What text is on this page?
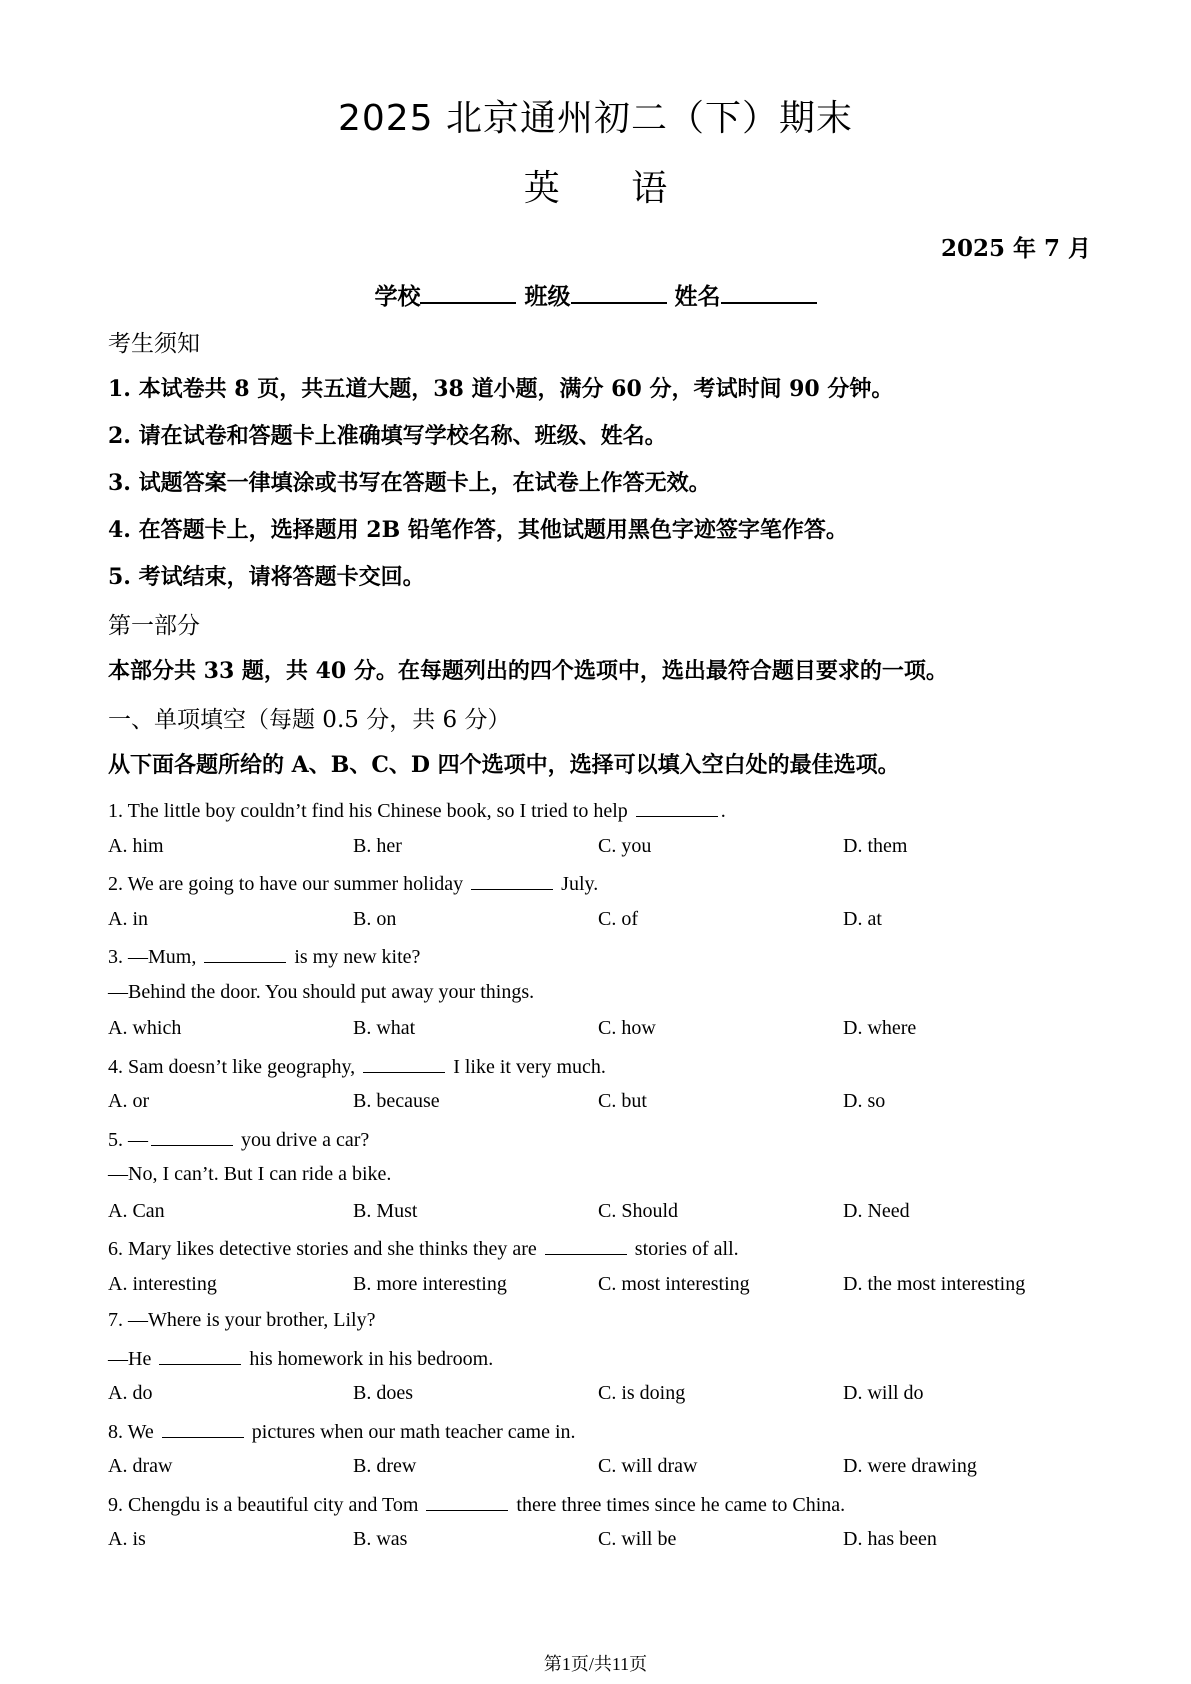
2025 北京通州初二（下）期末
英 语
2025 年 7 月
学校	班级	姓名
考生须知
1. 本试卷共 8 页，共五道大题，38 道小题，满分 60 分，考试时间 90 分钟。
2. 请在试卷和答题卡上准确填写学校名称、班级、姓名。
3. 试题答案一律填涂或书写在答题卡上，在试卷上作答无效。
4. 在答题卡上，选择题用 2B 铅笔作答，其他试题用黑色字迹签字笔作答。
5. 考试结束，请将答题卡交回。
第一部分
本部分共 33 题，共 40 分。在每题列出的四个选项中，选出最符合题目要求的一项。
一、单项填空（每题 0.5 分，共 6 分）
从下面各题所给的 A、B、C、D 四个选项中，选择可以填入空白处的最佳选项。
1. The little boy couldn’t find his Chinese book, so I tried to help	.
A. him	B. her	C. you	D. them
2. We are going to have our summer holiday	July.
A. in	B. on	C. of	D. at
3. —Mum,	is my new kite?
—Behind the door. You should put away your things.
A. which	B. what	C. how	D. where
4. Sam doesn’t like geography,	I like it very much.
A. or	B. because	C. but	D. so
5. —	you drive a car?
—No, I can’t. But I can ride a bike.
A. Can	B. Must	C. Should	D. Need
6. Mary likes detective stories and she thinks they are	stories of all.
A. interesting	B. more interesting	C. most interesting	D. the most interesting
7. —Where is your brother, Lily?
—He	his homework in his bedroom.
A. do	B. does	C. is doing	D. will do
8. We	pictures when our math teacher came in.
A. draw	B. drew	C. will draw	D. were drawing
9. Chengdu is a beautiful city and Tom	there three times since he came to China.
A. is	B. was	C. will be	D. has been
第1页/共11页
